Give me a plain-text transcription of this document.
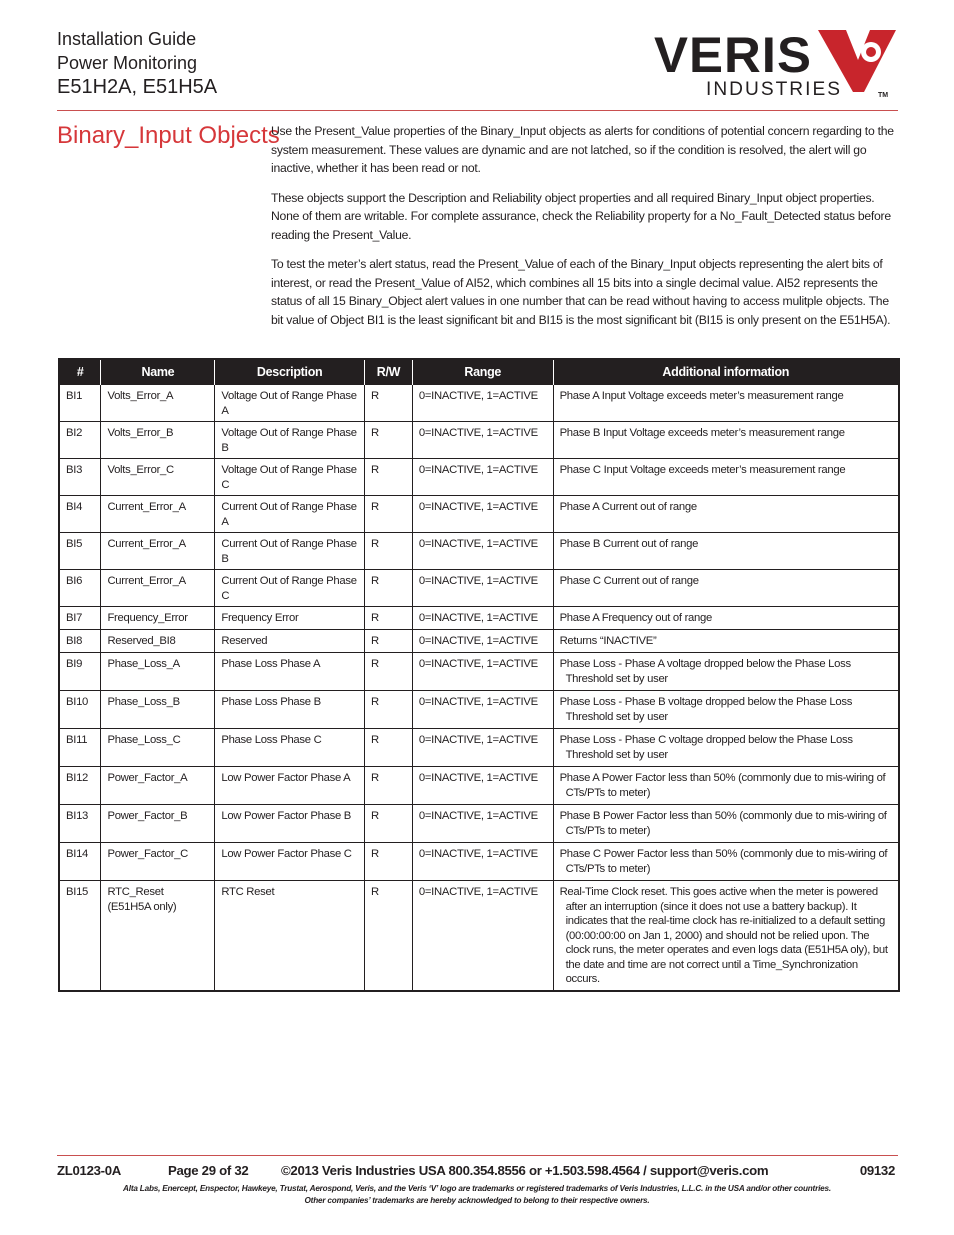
Installation Guide
Power Monitoring
E51H2A, E51H5A
VERIS
INDUSTRIES	TM
Binary_Input Objects

Use the Present_Value properties of the Binary_Input objects as alerts for conditions of potential concern regarding to the system measurement. These values are dynamic and are not latched, so if the condition is resolved, the alert will go inactive, whether it has been read or not.

These objects support the Description and Reliability object properties and all required Binary_Input object properties. None of them are writable. For complete assurance, check the Reliability property for a No_Fault_Detected status before reading the Present_Value.

To test the meter’s alert status, read the Present_Value of each of the Binary_Input objects representing the alert bits of interest, or read the Present_Value of AI52, which combines all 15 bits into a single decimal value. AI52 represents the status of all 15 Binary_Object alert values in one number that can be read without having to access mulitple objects. The bit value of Object BI1 is the least significant bit and BI15 is the most significant bit (BI15 is only present on the E51H5A).

#	Name	Description	R/W	Range	Additional information
BI1	Volts_Error_A	Voltage Out of Range Phase A	R	0=INACTIVE, 1=ACTIVE	Phase A Input Voltage exceeds meter’s measurement range

BI2	Volts_Error_B	Voltage Out of Range Phase B	R	0=INACTIVE, 1=ACTIVE	Phase B Input Voltage exceeds meter’s measurement range

BI3	Volts_Error_C	Voltage Out of Range Phase C	R	0=INACTIVE, 1=ACTIVE	Phase C Input Voltage exceeds meter’s measurement range

BI4	Current_Error_A	Current Out of Range Phase A	R	0=INACTIVE, 1=ACTIVE	Phase A Current out of range

BI5	Current_Error_A	Current Out of Range Phase B	R	0=INACTIVE, 1=ACTIVE	Phase B Current out of range

BI6	Current_Error_A	Current Out of Range Phase C	R	0=INACTIVE, 1=ACTIVE	Phase C Current out of range

BI7	Frequency_Error	Frequency Error	R	0=INACTIVE, 1=ACTIVE	Phase A Frequency out of range

BI8	Reserved_BI8	Reserved	R	0=INACTIVE, 1=ACTIVE	Returns “INACTIVE”

BI9	Phase_Loss_A	Phase Loss Phase A	R	0=INACTIVE, 1=ACTIVE	Phase Loss - Phase A voltage dropped below the Phase Loss Threshold set by user

BI10	Phase_Loss_B	Phase Loss Phase B	R	0=INACTIVE, 1=ACTIVE	Phase Loss - Phase B voltage dropped below the Phase Loss Threshold set by user

BI11	Phase_Loss_C	Phase Loss Phase C	R	0=INACTIVE, 1=ACTIVE	Phase Loss - Phase C voltage dropped below the Phase Loss Threshold set by user

BI12	Power_Factor_A	Low Power Factor Phase A	R	0=INACTIVE, 1=ACTIVE	Phase A Power Factor less than 50% (commonly due to mis-wiring of CTs/PTs to meter)

BI13	Power_Factor_B	Low Power Factor Phase B	R	0=INACTIVE, 1=ACTIVE	Phase B Power Factor less than 50% (commonly due to mis-wiring of CTs/PTs to meter)

BI14	Power_Factor_C	Low Power Factor Phase C	R	0=INACTIVE, 1=ACTIVE	Phase C Power Factor less than 50% (commonly due to mis-wiring of CTs/PTs to meter)

BI15	RTC_Reset
(E51H5A only)	RTC Reset	R	0=INACTIVE, 1=ACTIVE	Real-Time Clock reset. This goes active when the meter is powered after an interruption (since it does not use a battery backup). It indicates that the real-time clock has re-initialized to a default setting (00:00:00:00 on Jan 1, 2000) and should not be relied upon. The clock runs, the meter operates and even logs data (E51H5A oly), but the date and time are not correct until a Time_Synchronization occurs.
ZL0123-0A	Page 29 of 32 ©2013 Veris Industries USA 800.354.8556 or +1.503.598.4564 / support@veris.com	09132
Alta Labs, Enercept, Enspector, Hawkeye, Trustat, Aerospond, Veris, and the Veris ‘V’ logo are trademarks or registered trademarks of Veris Industries, L.L.C. in the USA and/or other countries.
Other companies’ trademarks are hereby acknowledged to belong to their respective owners.
